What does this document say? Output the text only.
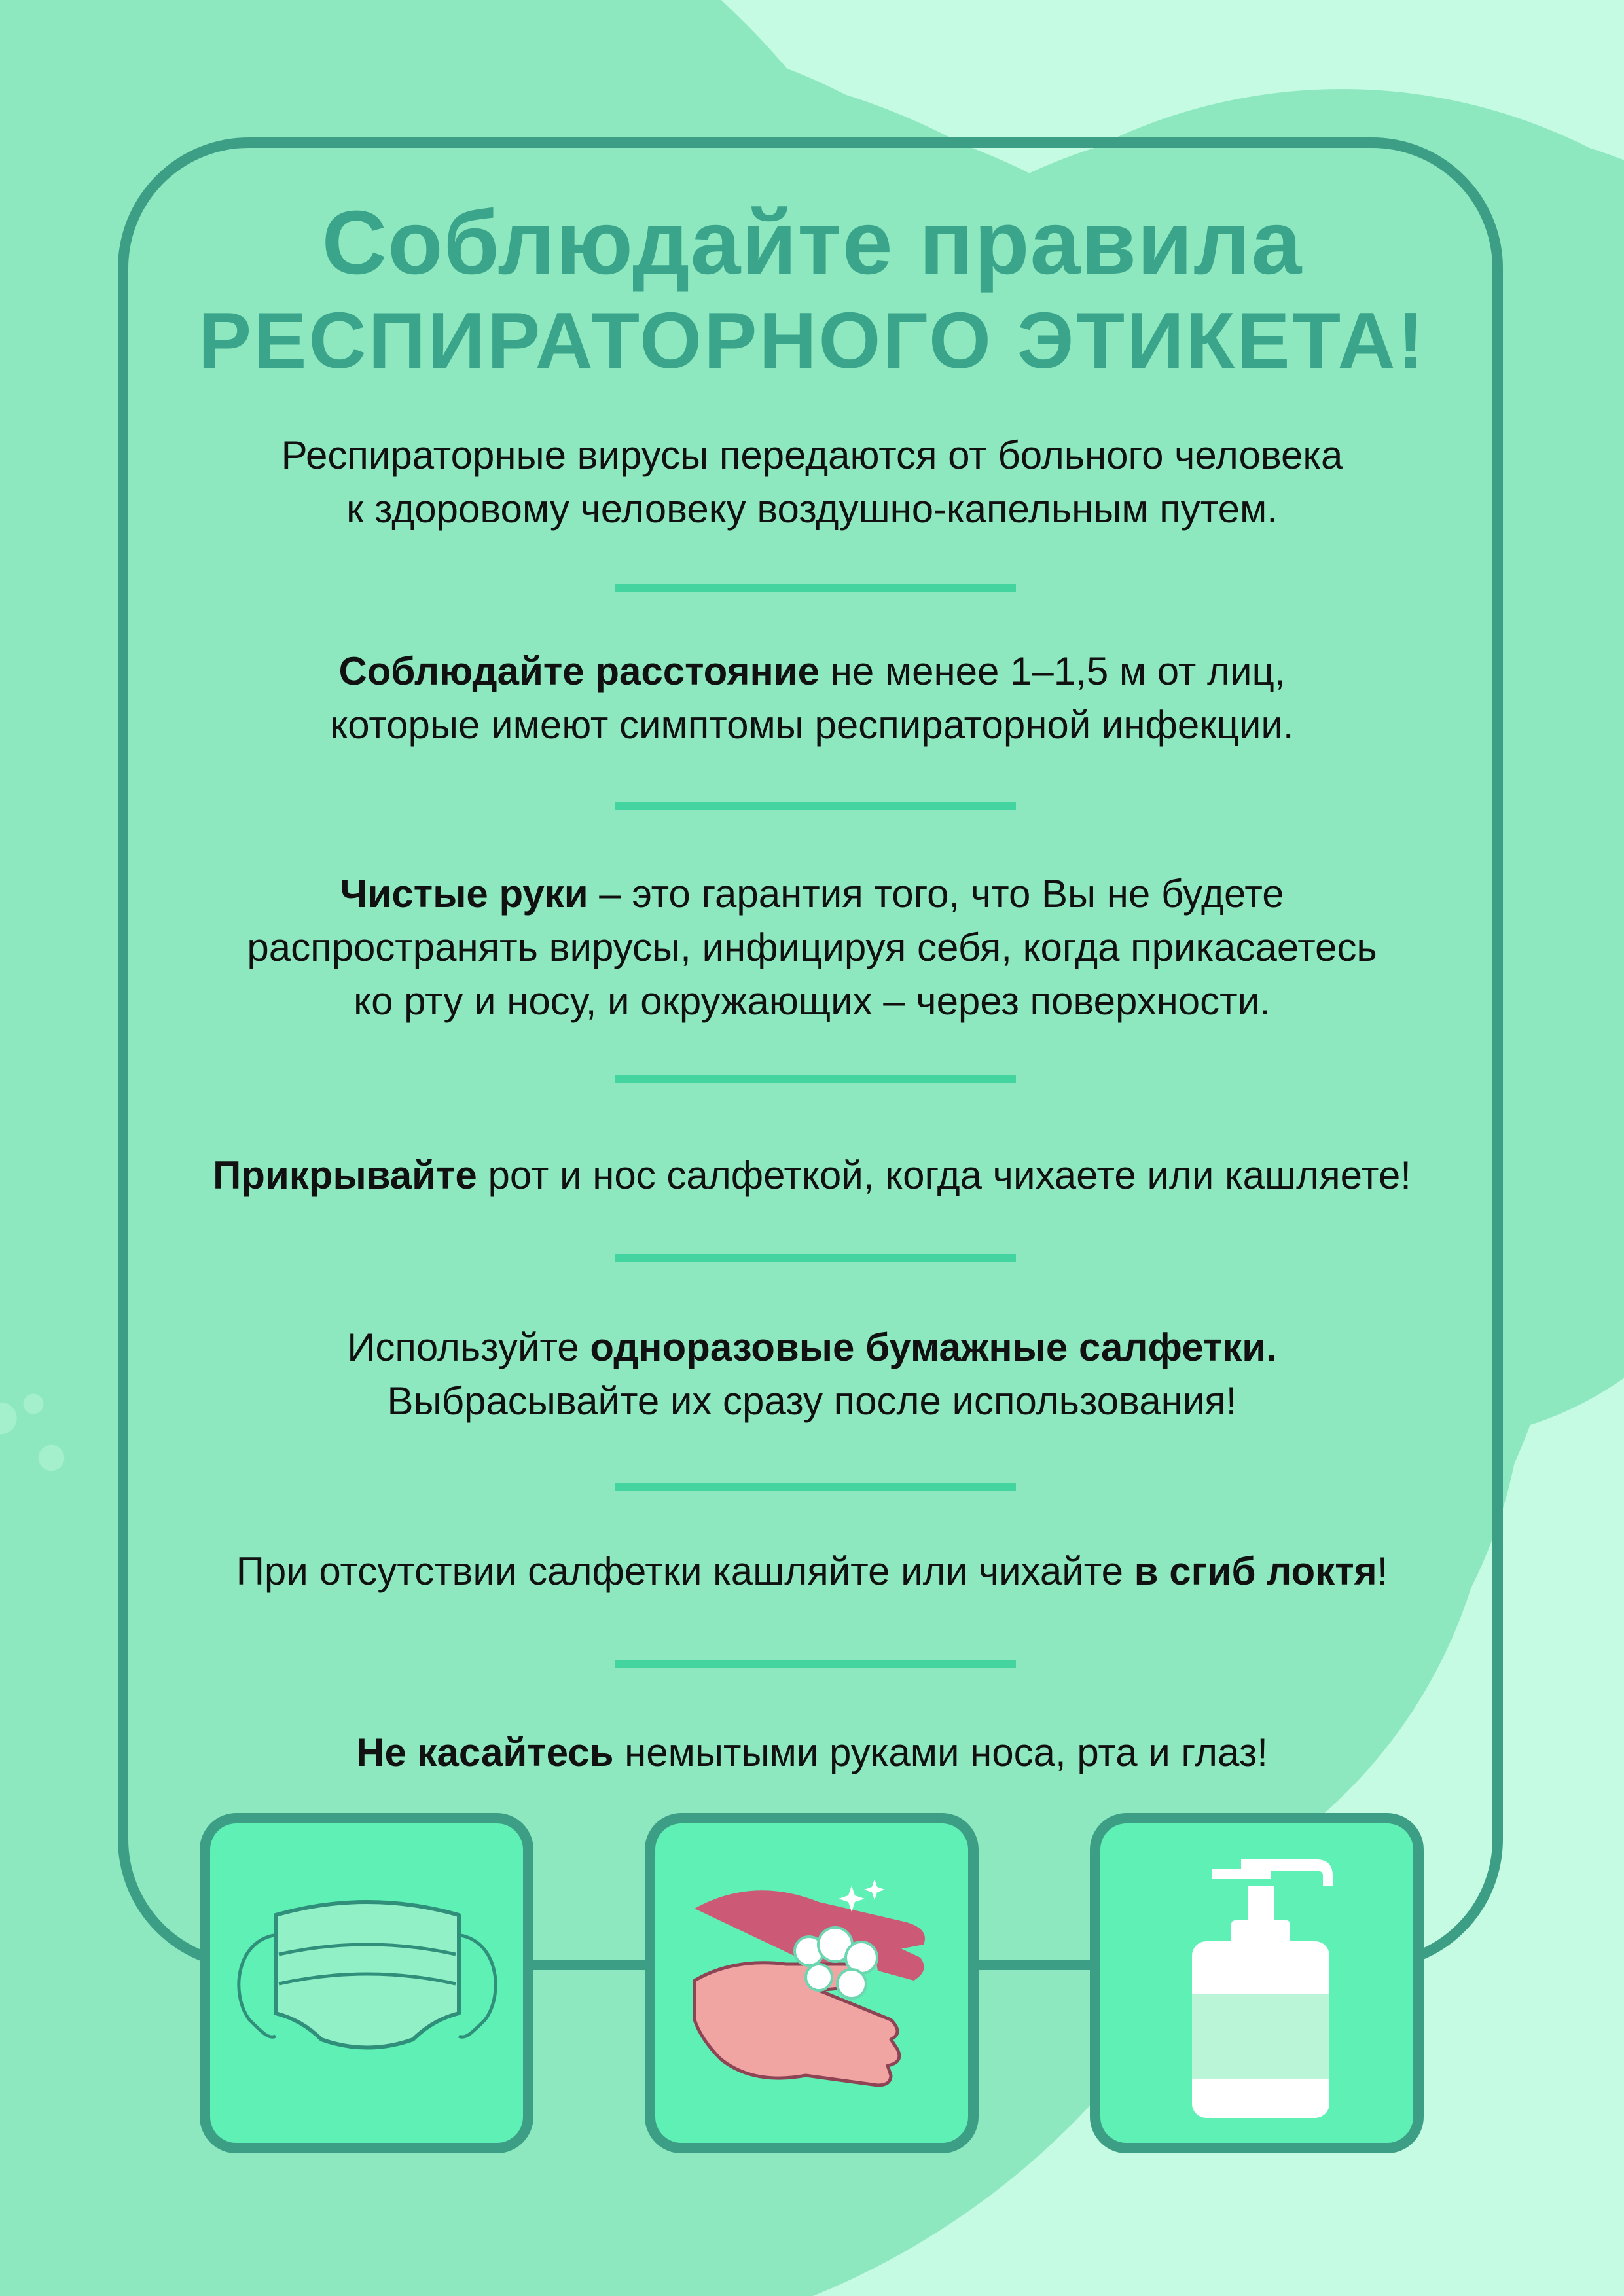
Соблюдайте правила
РЕСПИРАТОРНОГО ЭТИКЕТА!

Респираторные вирусы передаются от больного человека

к здоровому человеку воздушно-капельным путем.

Соблюдайте расстояние не менее 1–1,5 м от лиц,

которые имеют симптомы респираторной инфекции.

Чистые руки – это гарантия того, что Вы не будете

распространять вирусы, инфицируя себя, когда прикасаетесь

ко рту и носу, и окружающих – через поверхности.

Прикрывайте рот и нос салфеткой, когда чихаете или кашляете!

Используйте одноразовые бумажные салфетки.

Выбрасывайте их сразу после использования!

При отсутствии салфетки кашляйте или чихайте в сгиб локтя!

Не касайтесь немытыми руками носа, рта и глаз!
